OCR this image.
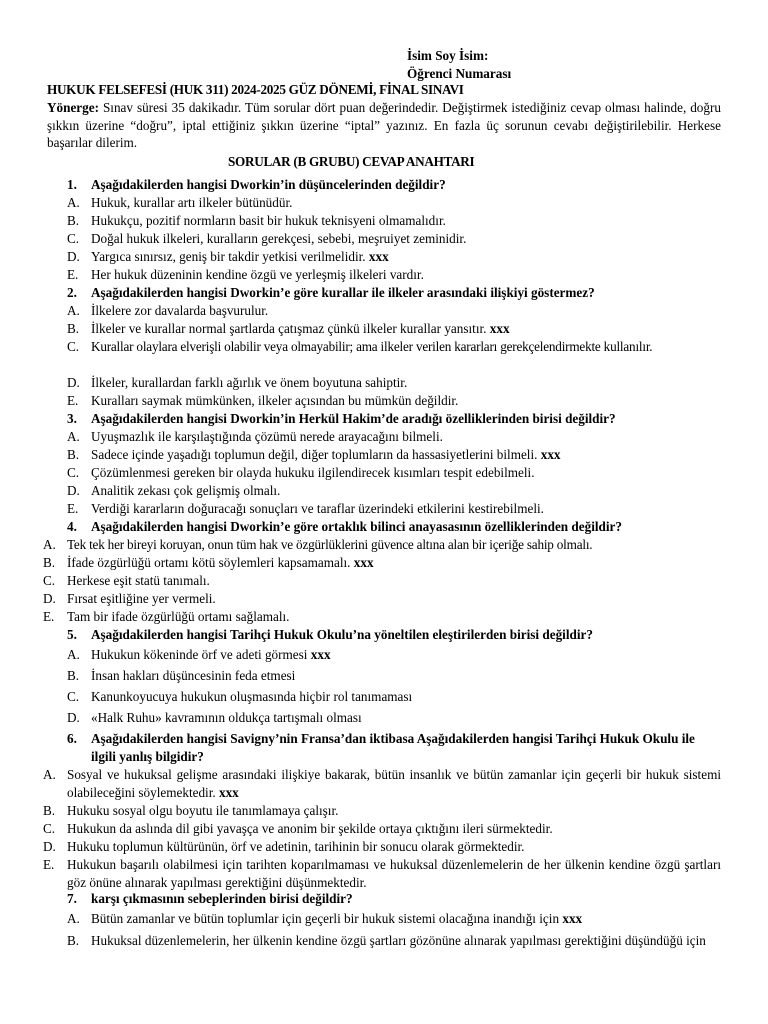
İsim Soy İsim:
Öğrenci Numarası
HUKUK FELSEFESİ (HUK 311) 2024-2025 GÜZ DÖNEMİ, FİNAL SINAVI
Yönerge: Sınav süresi 35 dakikadır. Tüm sorular dört puan değerindedir. Değiştirmek istediğiniz cevap olması halinde, doğru şıkkın üzerine “doğru”, iptal ettiğiniz şıkkın üzerine “iptal” yazınız. En fazla üç sorunun cevabı değiştirilebilir. Herkese başarılar dilerim.
SORULAR (B GRUBU) CEVAP ANAHTARI
1. Aşağıdakilerden hangisi Dworkin’in düşüncelerinden değildir?
A. Hukuk, kurallar artı ilkeler bütünüdür.
B. Hukukçu, pozitif normların basit bir hukuk teknisyeni olmamalıdır.
C. Doğal hukuk ilkeleri, kuralların gerekçesi, sebebi, meşruiyet zeminidir.
D. Yargıca sınırsız, geniş bir takdir yetkisi verilmelidir. xxx
E. Her hukuk düzeninin kendine özgü ve yerleşmiş ilkeleri vardır.
2. Aşağıdakilerden hangisi Dworkin’e göre kurallar ile ilkeler arasındaki ilişkiyi göstermez?
A. İlkelere zor davalarda başvurulur.
B. İlkeler ve kurallar normal şartlarda çatışmaz çünkü ilkeler kurallar yansıtır. xxx
C. Kurallar olaylara elverişli olabilir veya olmayabilir; ama ilkeler verilen kararları gerekçelendirmekte kullanılır.
D. İlkeler, kurallardan farklı ağırlık ve önem boyutuna sahiptir.
E. Kuralları saymak mümkünken, ilkeler açısından bu mümkün değildir.
3. Aşağıdakilerden hangisi Dworkin’in Herkül Hakim’de aradığı özelliklerinden birisi değildir?
A. Uyuşmazlık ile karşılaştığında çözümü nerede arayacağını bilmeli.
B. Sadece içinde yaşadığı toplumun değil, diğer toplumların da hassasiyetlerini bilmeli. xxx
C. Çözümlenmesi gereken bir olayda hukuku ilgilendirecek kısımları tespit edebilmeli.
D. Analitik zekası çok gelişmiş olmalı.
E. Verdiği kararların doğuracağı sonuçları ve taraflar üzerindeki etkilerini kestirebilmeli.
4. Aşağıdakilerden hangisi Dworkin’e göre ortaklık bilinci anayasasının özelliklerinden değildir?
A. Tek tek her bireyi koruyan, onun tüm hak ve özgürlüklerini güvence altına alan bir içeriğe sahip olmalı.
B. İfade özgürlüğü ortamı kötü söylemleri kapsamamalı. xxx
C. Herkese eşit statü tanımalı.
D. Fırsat eşitliğine yer vermeli.
E. Tam bir ifade özgürlüğü ortamı sağlamalı.
5. Aşağıdakilerden hangisi Tarihçi Hukuk Okulu’na yöneltilen eleştirilerden birisi değildir?
A. Hukukun kökeninde örf ve adeti görmesi xxx
B. İnsan hakları düşüncesinin feda etmesi
C. Kanunkoyucuya hukukun oluşmasında hiçbir rol tanımaması
D. «Halk Ruhu» kavramının oldukça tartışmalı olması
6. Aşağıdakilerden hangisi Savigny’nin Fransa’dan iktibasa Aşağıdakilerden hangisi Tarihçi Hukuk Okulu ile ilgili yanlış bilgidir?
A. Sosyal ve hukuksal gelişme arasındaki ilişkiye bakarak, bütün insanlık ve bütün zamanlar için geçerli bir hukuk sistemi olabileceğini söylemektedir. xxx
B. Hukuku sosyal olgu boyutu ile tanımlamaya çalışır.
C. Hukukun da aslında dil gibi yavaşça ve anonim bir şekilde ortaya çıktığını ileri sürmektedir.
D. Hukuku toplumun kültürünün, örf ve adetinin, tarihinin bir sonucu olarak görmektedir.
E. Hukukun başarılı olabilmesi için tarihten koparılmaması ve hukuksal düzenlemelerin de her ülkenin kendine özgü şartları göz önüne alınarak yapılması gerektiğini düşünmektedir.
7. karşı çıkmasının sebeplerinden birisi değildir?
A. Bütün zamanlar ve bütün toplumlar için geçerli bir hukuk sistemi olacağına inandığı için xxx
B. Hukuksal düzenlemelerin, her ülkenin kendine özgü şartları gözönüne alınarak yapılması gerektiğini düşündüğü için
